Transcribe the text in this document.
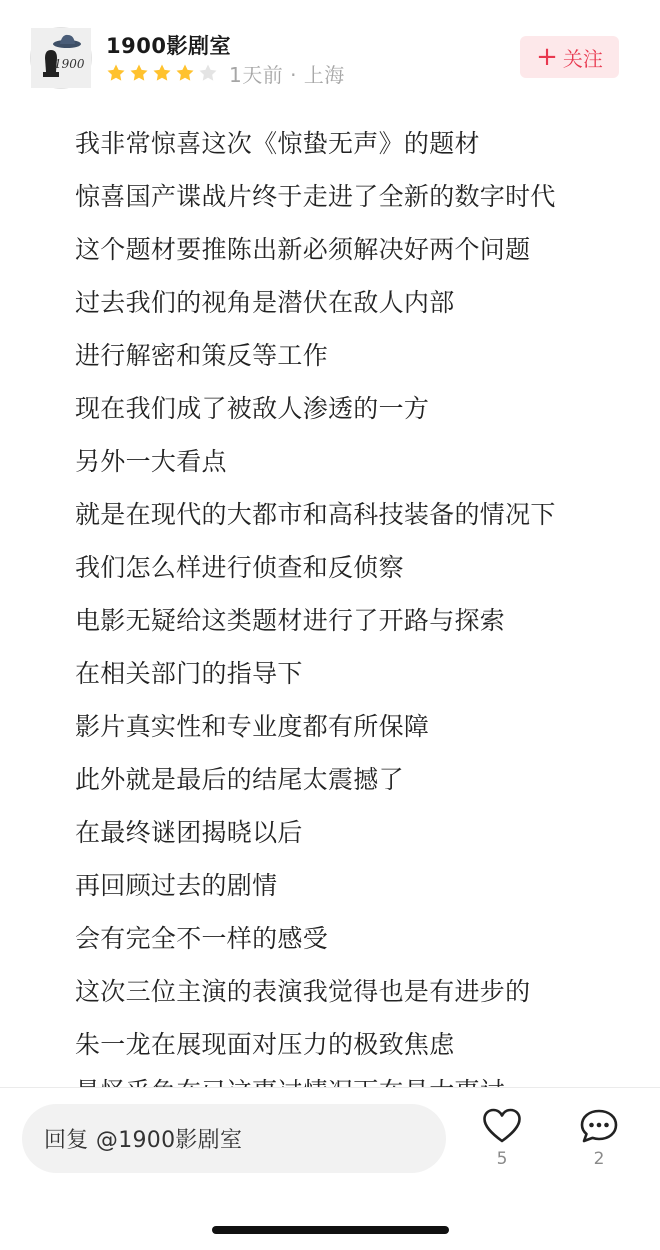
1900
1900影剧室
1天前 · 上海
+ 关注
我非常惊喜这次《惊蛰无声》的题材
惊喜国产谍战片终于走进了全新的数字时代
这个题材要推陈出新必须解决好两个问题
过去我们的视角是潜伏在敌人内部
进行解密和策反等工作
现在我们成了被敌人渗透的一方
另外一大看点
就是在现代的大都市和高科技装备的情况下
我们怎么样进行侦查和反侦察
电影无疑给这类题材进行了开路与探索
在相关部门的指导下
影片真实性和专业度都有所保障
此外就是最后的结尾太震撼了
在最终谜团揭晓以后
再回顾过去的剧情
会有完全不一样的感受
这次三位主演的表演我觉得也是有进步的
朱一龙在展现面对压力的极致焦虑
回复 @1900影剧室
5	2
